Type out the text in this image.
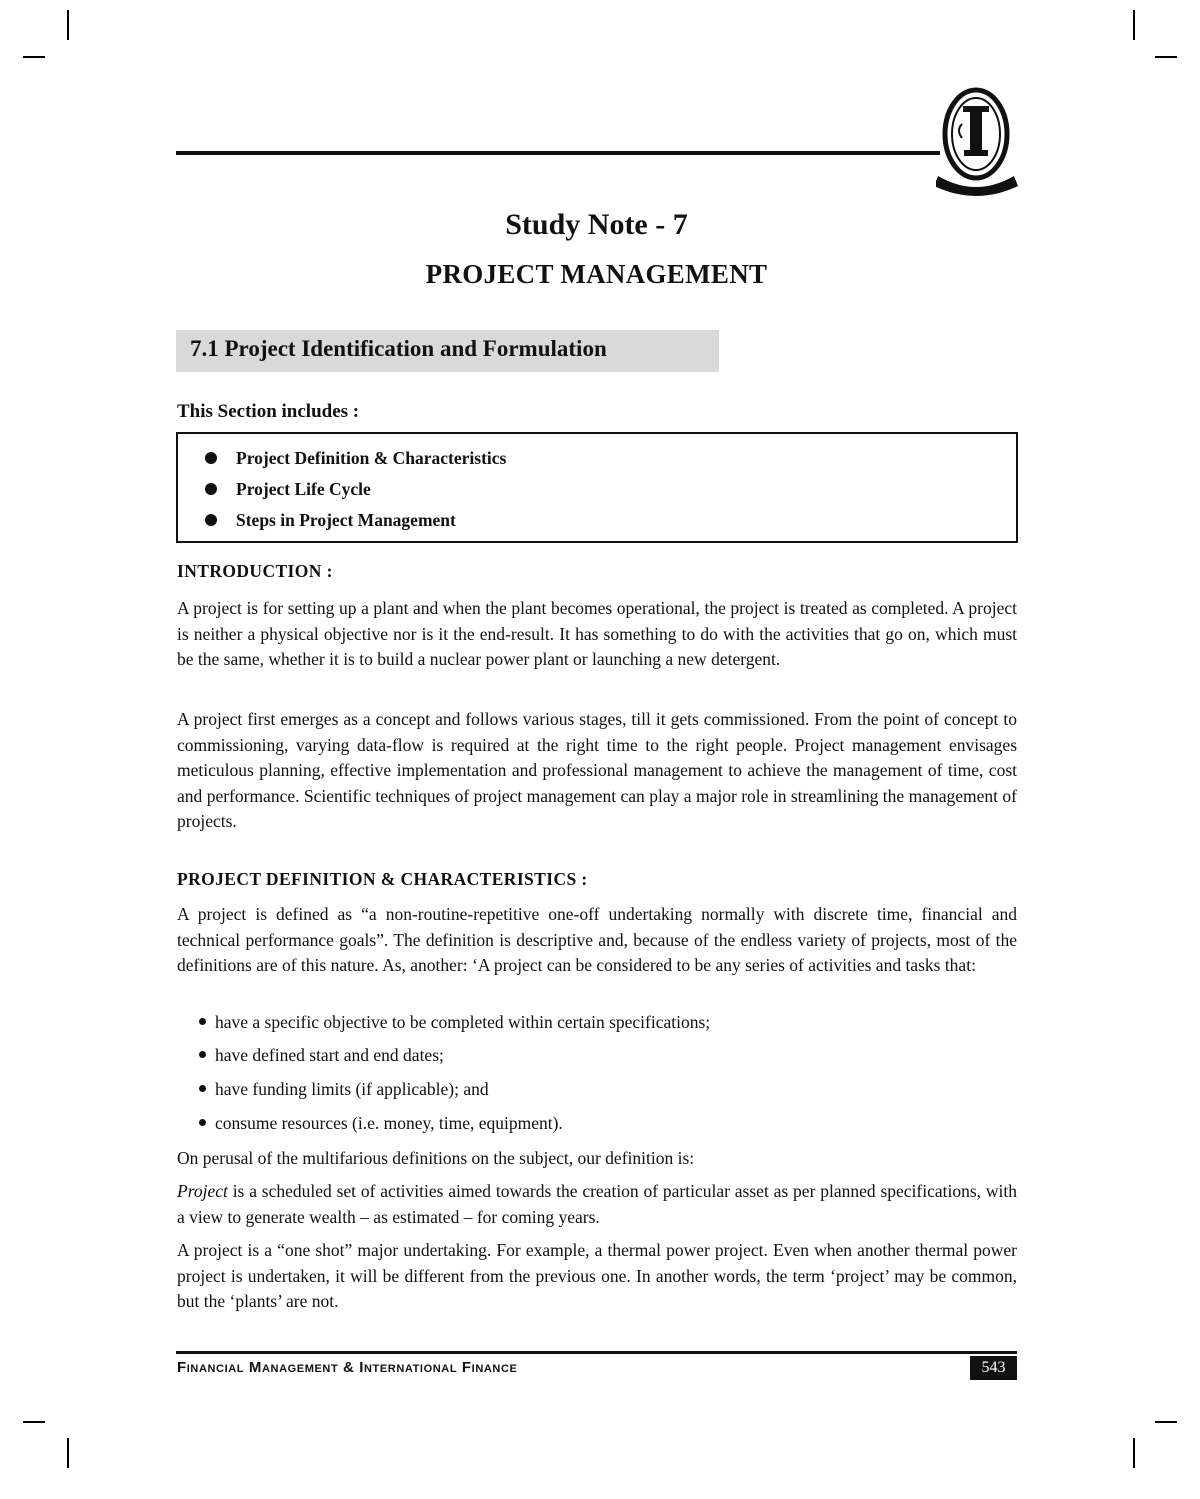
Study Note - 7
PROJECT MANAGEMENT
7.1 Project Identification and Formulation
This Section includes :
Project Definition & Characteristics
Project Life Cycle
Steps in Project Management
INTRODUCTION :

A project is for setting up a plant and when the plant becomes operational, the project is treated as completed. A project is neither a physical objective nor is it the end-result. It has something to do with the activities that go on, which must be the same, whether it is to build a nuclear power plant or launching a new detergent.

A project first emerges as a concept and follows various stages, till it gets commissioned. From the point of concept to commissioning, varying data-flow is required at the right time to the right people. Project management envisages meticulous planning, effective implementation and professional management to achieve the management of time, cost and performance. Scientific techniques of project management can play a major role in streamlining the management of projects.

PROJECT DEFINITION & CHARACTERISTICS :

A project is defined as “a non-routine-repetitive one-off undertaking normally with discrete time, financial and technical performance goals”. The definition is descriptive and, because of the endless variety of projects, most of the definitions are of this nature. As, another: ‘A project can be considered to be any series of activities and tasks that:

have a specific objective to be completed within certain specifications;
have defined start and end dates;
have funding limits (if applicable); and
consume resources (i.e. money, time, equipment).

On perusal of the multifarious definitions on the subject, our definition is:

Project is a scheduled set of activities aimed towards the creation of particular asset as per planned specifications, with a view to generate wealth – as estimated – for coming years.

A project is a “one shot” major undertaking. For example, a thermal power project. Even when another thermal power project is undertaken, it will be different from the previous one. In another words, the term ‘project’ may be common, but the ‘plants’ are not.

Financial Management & International Finance	543
